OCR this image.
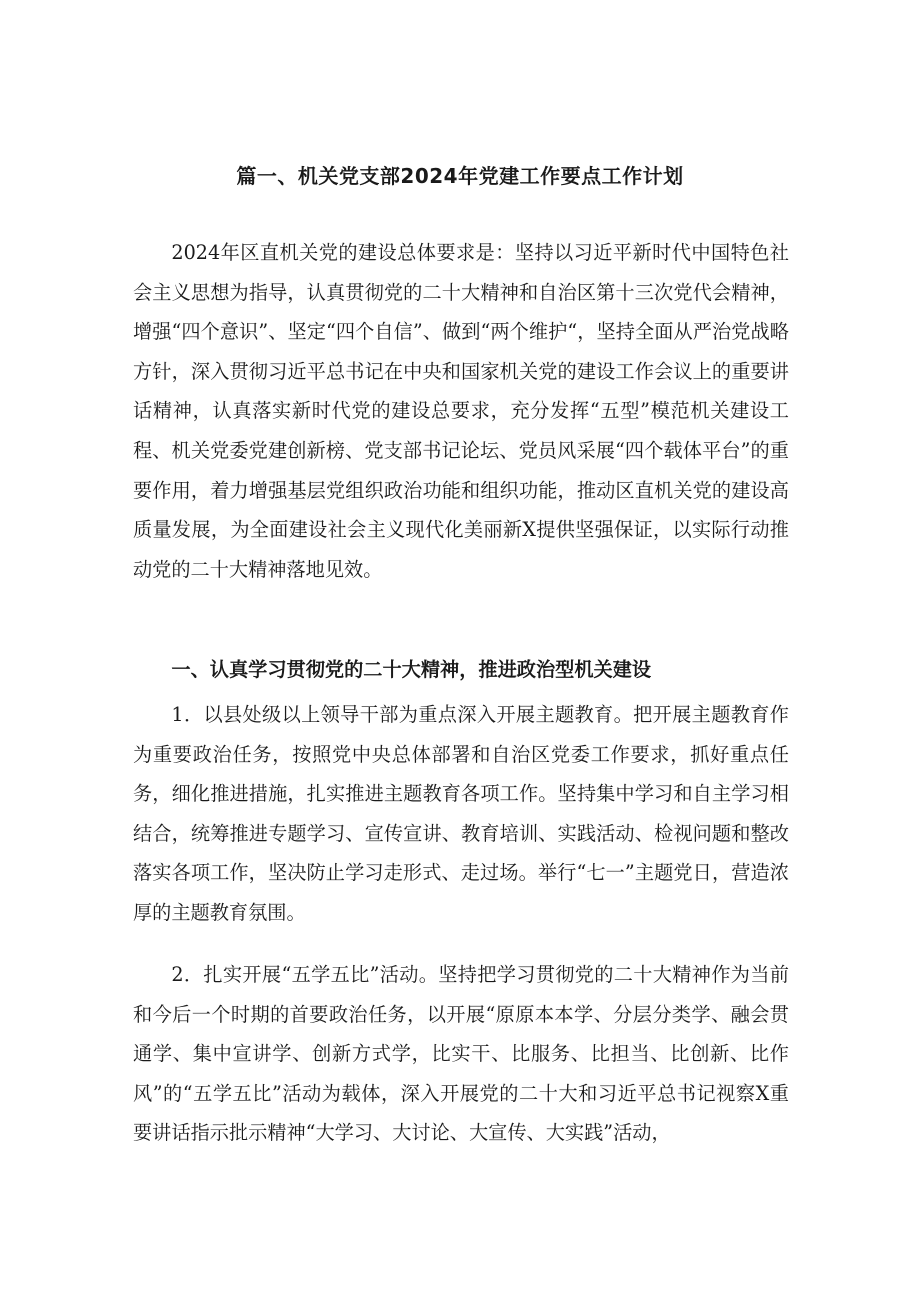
篇一、机关党支部2024年党建工作要点工作计划

2024年区直机关党的建设总体要求是：坚持以习近平新时代中国特色社会主义思想为指导，认真贯彻党的二十大精神和自治区第十三次党代会精神，增强“四个意识”、坚定“四个自信”、做到“两个维护“，坚持全面从严治党战略方针，深入贯彻习近平总书记在中央和国家机关党的建设工作会议上的重要讲话精神，认真落实新时代党的建设总要求，充分发挥“五型”模范机关建设工程、机关党委党建创新榜、党支部书记论坛、党员风采展“四个载体平台”的重要作用，着力增强基层党组织政治功能和组织功能，推动区直机关党的建设高质量发展，为全面建设社会主义现代化美丽新X提供坚强保证，以实际行动推动党的二十大精神落地见效。

一、认真学习贯彻党的二十大精神，推进政治型机关建设

1．以县处级以上领导干部为重点深入开展主题教育。把开展主题教育作为重要政治任务，按照党中央总体部署和自治区党委工作要求，抓好重点任务，细化推进措施，扎实推进主题教育各项工作。坚持集中学习和自主学习相结合，统筹推进专题学习、宣传宣讲、教育培训、实践活动、检视问题和整改落实各项工作，坚决防止学习走形式、走过场。举行“七一”主题党日，营造浓厚的主题教育氛围。

2．扎实开展“五学五比”活动。坚持把学习贯彻党的二十大精神作为当前和今后一个时期的首要政治任务，以开展“原原本本学、分层分类学、融会贯通学、集中宣讲学、创新方式学，比实干、比服务、比担当、比创新、比作风”的“五学五比”活动为载体，深入开展党的二十大和习近平总书记视察X重要讲话指示批示精神“大学习、大讨论、大宣传、大实践”活动，
